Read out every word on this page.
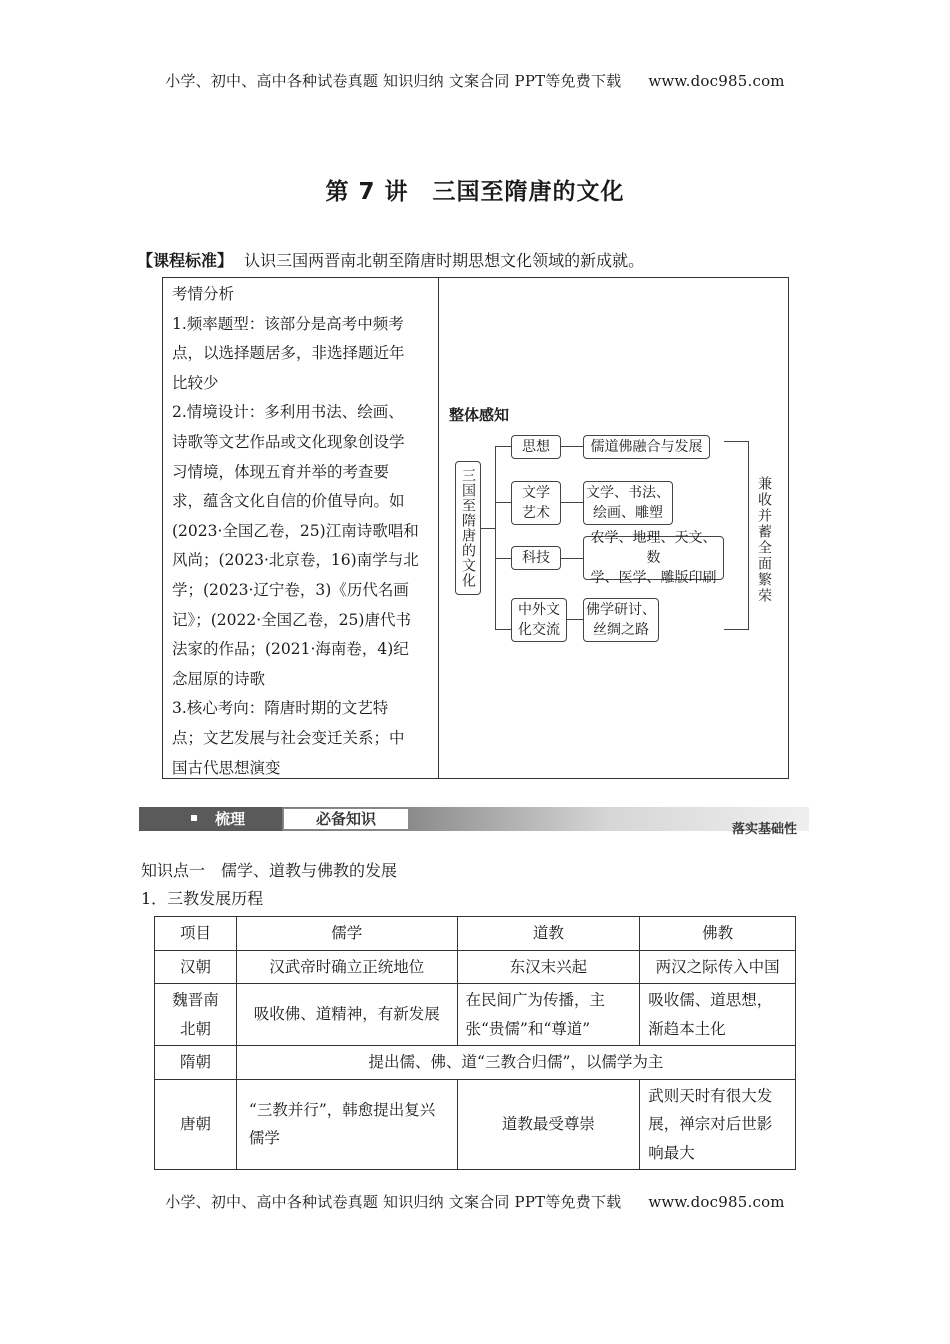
小学、初中、高中各种试卷真题 知识归纳 文案合同 PPT等免费下载 www.doc985.com
第 7 讲　三国至隋唐的文化
【课程标准】 认识三国两晋南北朝至隋唐时期思想文化领域的新成就。
考情分析
1.频率题型：该部分是高考中频考
点，以选择题居多，非选择题近年
比较少
2.情境设计：多利用书法、绘画、
诗歌等文艺作品或文化现象创设学
习情境，体现五育并举的考查要
求，蕴含文化自信的价值导向。如
(2023·全国乙卷，25)江南诗歌唱和
风尚；(2023·北京卷，16)南学与北
学；(2023·辽宁卷，3)《历代名画
记》；(2022·全国乙卷，25)唐代书
法家的作品；(2021·海南卷，4)纪
念屈原的诗歌
3.核心考向：隋唐时期的文艺特
点；文艺发展与社会变迁关系；中
国古代思想演变
整体感知
三国至隋唐的文化
思想	儒道佛融合与发展
文学
艺术
文学、书法、
绘画、雕塑
科技
农学、地理、天文、数
学、医学、雕版印刷
中外文
化交流
佛学研讨、
丝绸之路
兼收并蓄全面繁荣
梳理	必备知识
落实基础性
知识点一　儒学、道教与佛教的发展
1．三教发展历程
项目	儒学	道教	佛教
汉朝	汉武帝时确立正统地位	东汉末兴起	两汉之际传入中国
魏晋南北朝	吸收佛、道精神，有新发展	在民间广为传播，主张“贵儒”和“尊道”	吸收儒、道思想，渐趋本土化
隋朝	提出儒、佛、道“三教合归儒”，以儒学为主		
唐朝	“三教并行”，韩愈提出复兴儒学	道教最受尊崇	武则天时有很大发展，禅宗对后世影响最大
小学、初中、高中各种试卷真题 知识归纳 文案合同 PPT等免费下载 www.doc985.com
